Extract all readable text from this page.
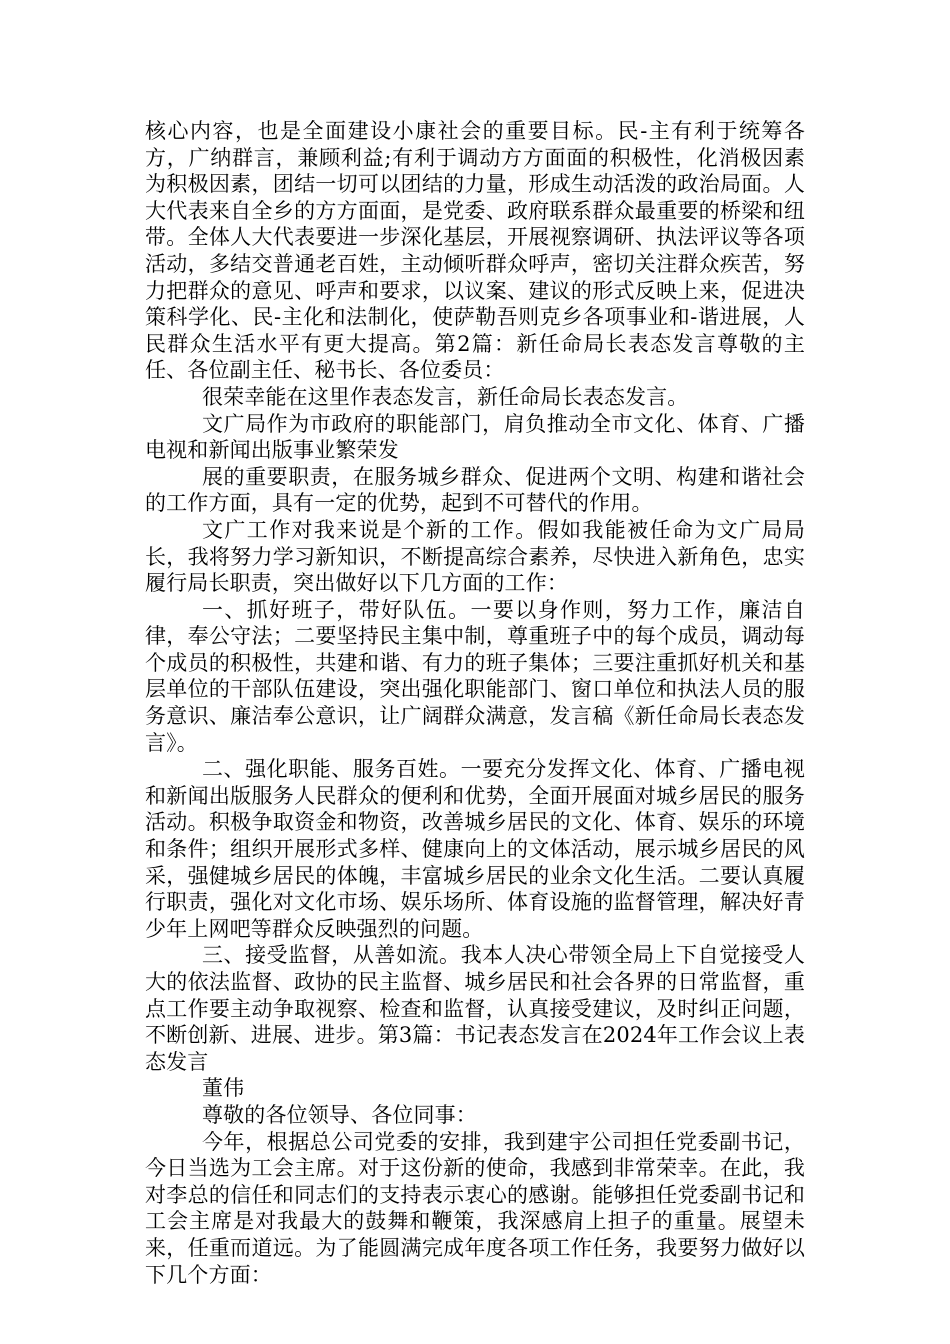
核心内容，也是全面建设小康社会的重要目标。民-主有利于统筹各方，广纳群言，兼顾利益;有利于调动方方面面的积极性，化消极因素为积极因素，团结一切可以团结的力量，形成生动活泼的政治局面。人大代表来自全乡的方方面面，是党委、政府联系群众最重要的桥梁和纽带。全体人大代表要进一步深化基层，开展视察调研、执法评议等各项活动，多结交普通老百姓，主动倾听群众呼声，密切关注群众疾苦，努力把群众的意见、呼声和要求，以议案、建议的形式反映上来，促进决策科学化、民-主化和法制化，使萨勒吾则克乡各项事业和-谐进展，人民群众生活水平有更大提高。第2篇：新任命局长表态发言尊敬的主任、各位副主任、秘书长、各位委员：

很荣幸能在这里作表态发言，新任命局长表态发言。

文广局作为市政府的职能部门，肩负推动全市文化、体育、广播电视和新闻出版事业繁荣发

展的重要职责，在服务城乡群众、促进两个文明、构建和谐社会的工作方面，具有一定的优势，起到不可替代的作用。

文广工作对我来说是个新的工作。假如我能被任命为文广局局长，我将努力学习新知识，不断提高综合素养，尽快进入新角色，忠实履行局长职责，突出做好以下几方面的工作：

一、抓好班子，带好队伍。一要以身作则，努力工作，廉洁自律，奉公守法；二要坚持民主集中制，尊重班子中的每个成员，调动每个成员的积极性，共建和谐、有力的班子集体；三要注重抓好机关和基层单位的干部队伍建设，突出强化职能部门、窗口单位和执法人员的服务意识、廉洁奉公意识，让广阔群众满意，发言稿《新任命局长表态发言》。

二、强化职能、服务百姓。一要充分发挥文化、体育、广播电视和新闻出版服务人民群众的便利和优势，全面开展面对城乡居民的服务活动。积极争取资金和物资，改善城乡居民的文化、体育、娱乐的环境和条件；组织开展形式多样、健康向上的文体活动，展示城乡居民的风采，强健城乡居民的体魄，丰富城乡居民的业余文化生活。二要认真履行职责，强化对文化市场、娱乐场所、体育设施的监督管理，解决好青少年上网吧等群众反映强烈的问题。

三、接受监督，从善如流。我本人决心带领全局上下自觉接受人大的依法监督、政协的民主监督、城乡居民和社会各界的日常监督，重点工作要主动争取视察、检查和监督，认真接受建议，及时纠正问题，不断创新、进展、进步。第3篇：书记表态发言在2024年工作会议上表态发言

董伟

尊敬的各位领导、各位同事：

今年，根据总公司党委的安排，我到建宇公司担任党委副书记，今日当选为工会主席。对于这份新的使命，我感到非常荣幸。在此，我对李总的信任和同志们的支持表示衷心的感谢。能够担任党委副书记和工会主席是对我最大的鼓舞和鞭策，我深感肩上担子的重量。展望未来，任重而道远。为了能圆满完成年度各项工作任务，我要努力做好以下几个方面：
